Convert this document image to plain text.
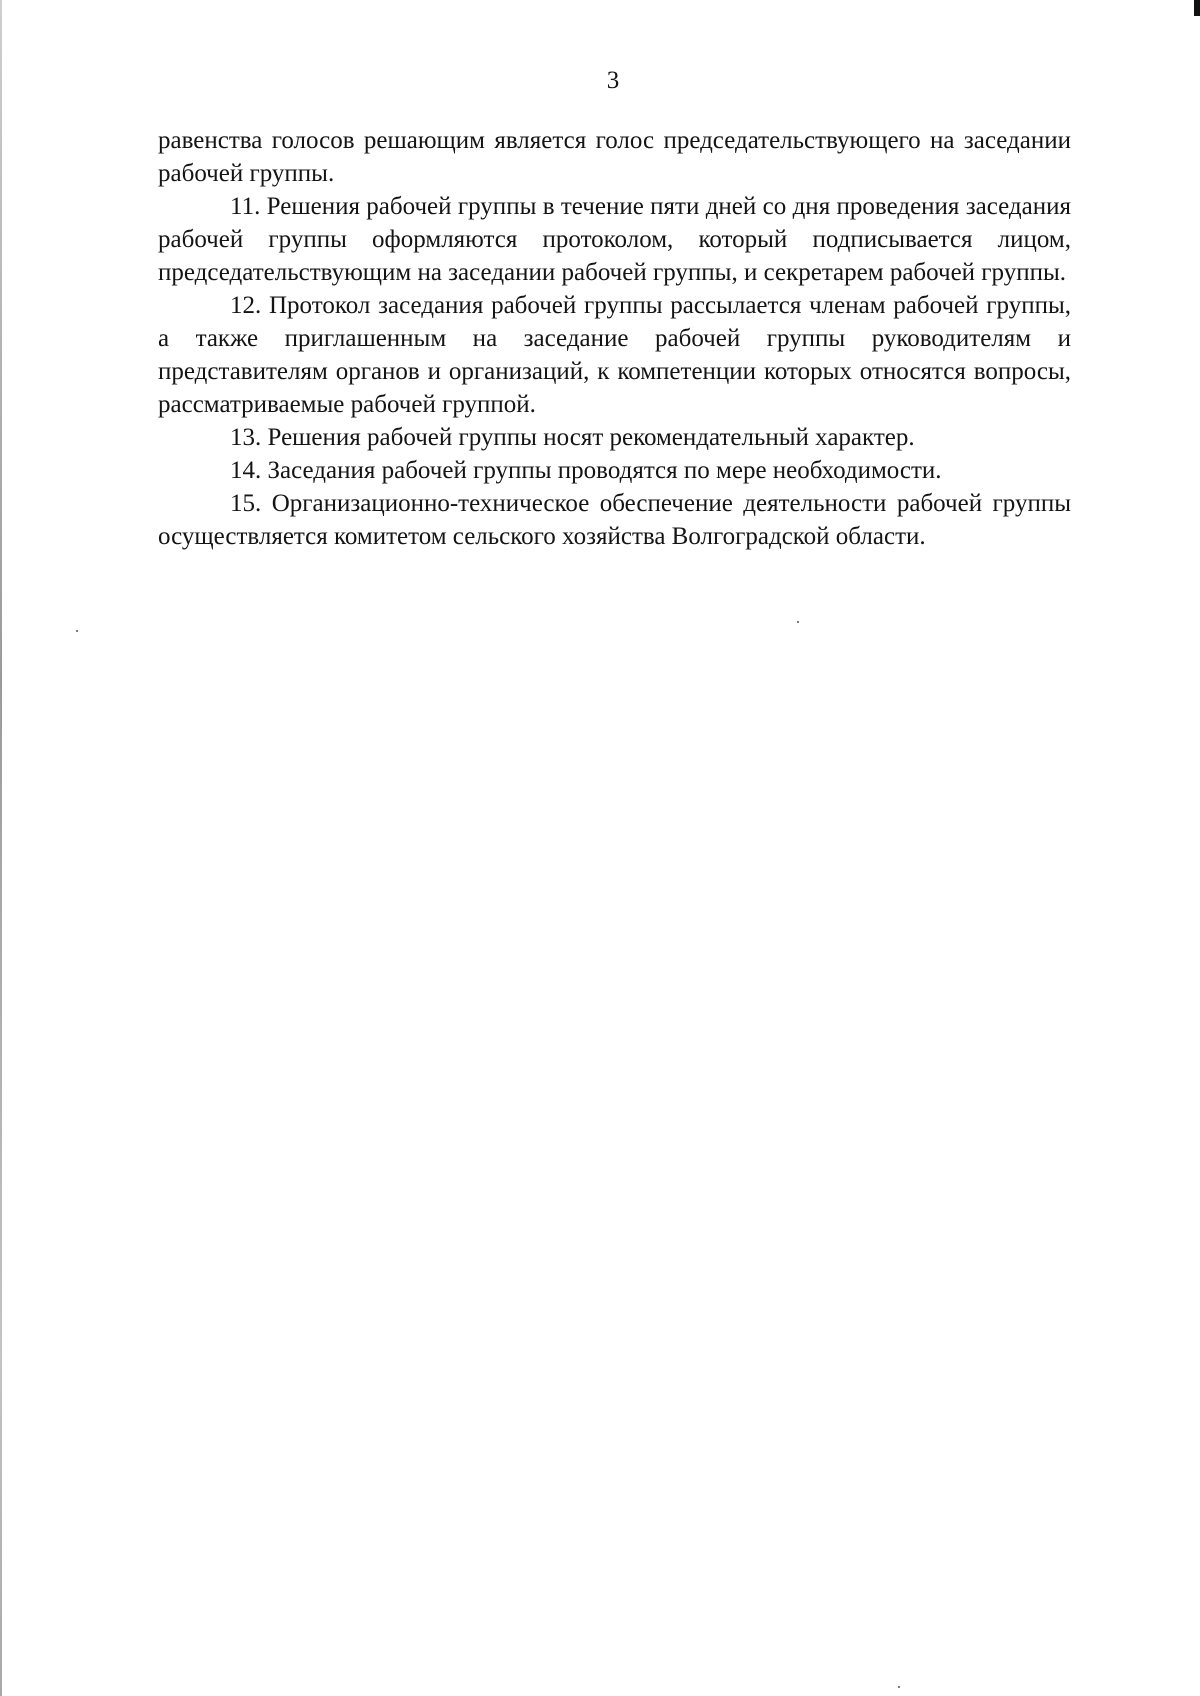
3

равенства голосов решающим является голос председательствующего на заседании рабочей группы.

11. Решения рабочей группы в течение пяти дней со дня проведения заседания рабочей группы оформляются протоколом, который подписывается лицом, председательствующим на заседании рабочей группы, и секретарем рабочей группы.

12. Протокол заседания рабочей группы рассылается членам рабочей группы, а также приглашенным на заседание рабочей группы руководителям и представителям органов и организаций, к компетенции которых относятся вопросы, рассматриваемые рабочей группой.

13. Решения рабочей группы носят рекомендательный характер.

14. Заседания рабочей группы проводятся по мере необходимости.

15. Организационно-техническое обеспечение деятельности рабочей группы осуществляется комитетом сельского хозяйства Волгоградской области.
